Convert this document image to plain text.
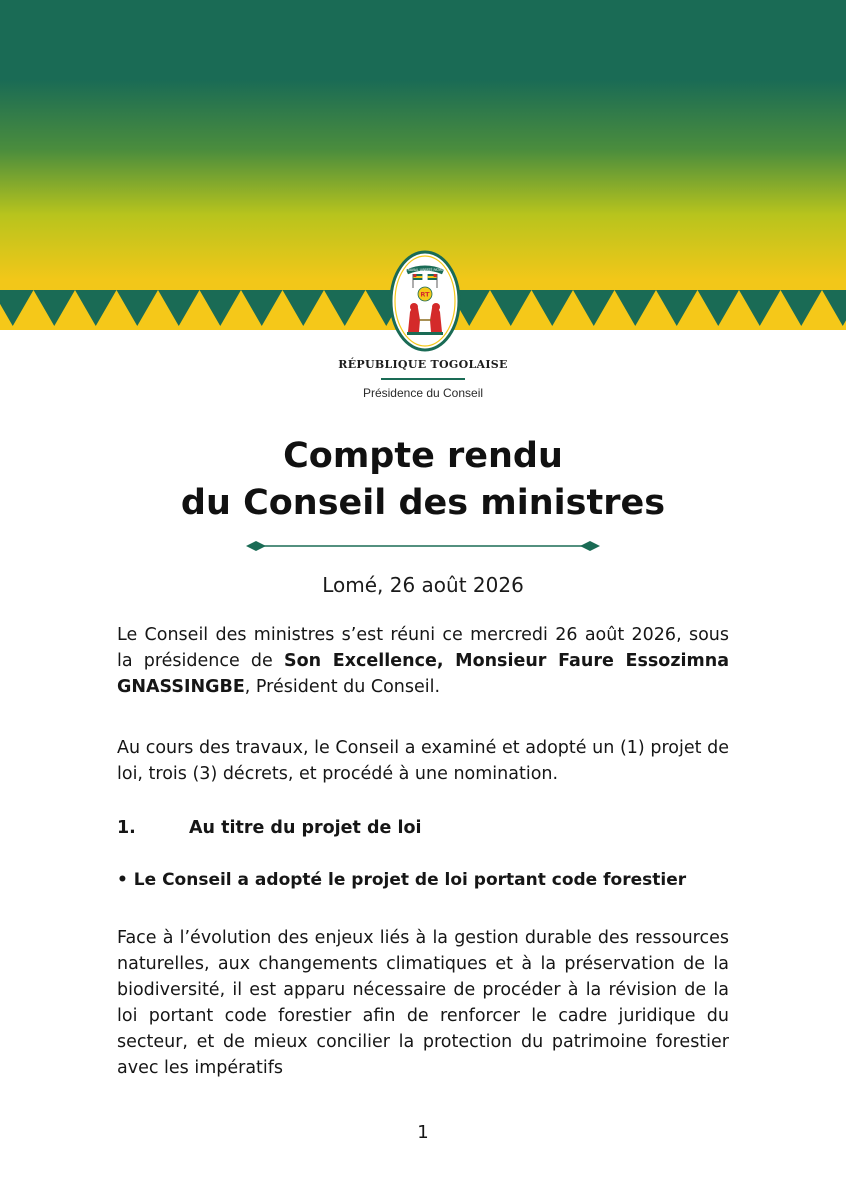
TRAVAIL LIBERTÉ PATRIE
RT
RÉPUBLIQUE TOGOLAISE
Présidence du Conseil
Compte rendu
du Conseil des ministres
Lomé, 26 août 2026
Le Conseil des ministres s’est réuni ce mercredi 26 août 2026, sous la présidence de Son Excellence, Monsieur Faure Essozimna GNASSINGBE, Président du Conseil.
Au cours des travaux, le Conseil a examiné et adopté un (1) projet de loi, trois (3) décrets, et procédé à une nomination.
1.	Au titre du projet de loi
• Le Conseil a adopté le projet de loi portant code forestier
Face à l’évolution des enjeux liés à la gestion durable des ressources naturelles, aux changements climatiques et à la préservation de la biodiversité, il est apparu nécessaire de procéder à la révision de la loi portant code forestier afin de renforcer le cadre juridique du secteur, et de mieux concilier la protection du patrimoine forestier avec les impératifs
1
